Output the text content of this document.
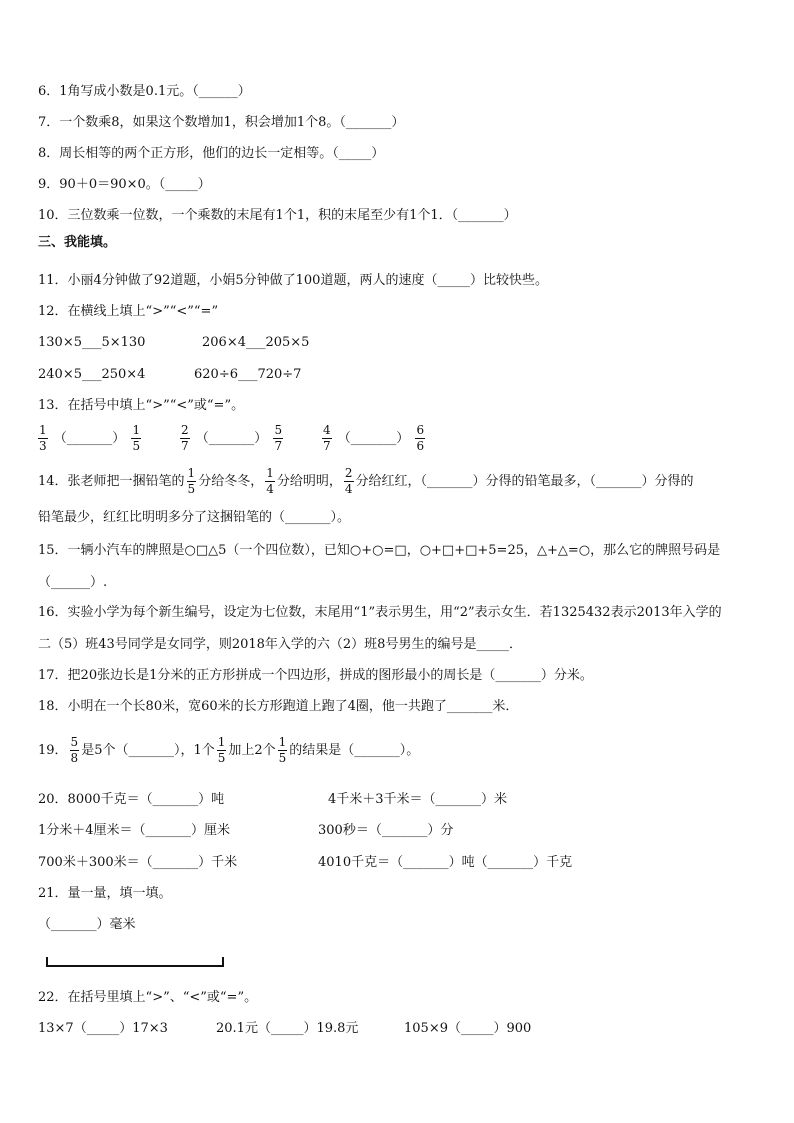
6．1角写成小数是0.1元。（______）
7．一个数乘8，如果这个数增加1，积会增加1个8。（_______）
8．周长相等的两个正方形，他们的边长一定相等。（_____）
9．90＋0＝90×0。（_____）
10．三位数乘一位数，一个乘数的末尾有1个1，积的末尾至少有1个1．（_______）
三、我能填。
11．小丽4分钟做了92道题，小娟5分钟做了100道题，两人的速度（_____）比较快些。
12．在横线上填上“>”“<”“=”
130×5___5×130	206×4___205×5
240×5___250×4	620÷6___720÷7
13．在括号中填上“>”“<”或“=”。
$\frac{1}{3}$ （_______） $\frac{1}{5}$	$\frac{2}{7}$ （_______） $\frac{5}{7}$	$\frac{4}{7}$ （_______） $\frac{6}{6}$
14．张老师把一捆铅笔的 $\frac{1}{5}$ 分给冬冬， $\frac{1}{4}$ 分给明明， $\frac{2}{4}$ 分给红红，（_______）分得的铅笔最多，（_______）分得的
铅笔最少，红红比明明多分了这捆铅笔的（_______）。
15．一辆小汽车的牌照是○□△5（一个四位数），已知○+○=□，○+□+□+5=25，△+△=○，那么它的牌照号码是
（______）.
16．实验小学为每个新生编号，设定为七位数，末尾用“1”表示男生，用“2”表示女生．若1325432表示2013年入学的
二（5）班43号同学是女同学，则2018年入学的六（2）班8号男生的编号是_____．
17．把20张边长是1分米的正方形拼成一个四边形，拼成的图形最小的周长是（_______）分米。
18．小明在一个长80米，宽60米的长方形跑道上跑了4圈，他一共跑了_______米．
19． $\frac{5}{8}$ 是5个（_______），1个 $\frac{1}{5}$ 加上2个 $\frac{1}{5}$ 的结果是（_______）。
20．8000千克＝（_______）吨	4千米＋3千米＝（_______）米
1分米＋4厘米＝（_______）厘米	300秒＝（_______）分
700米＋300米＝（_______）千米	4010千克＝（_______）吨（_______）千克
21．量一量，填一填。
（_______）毫米
22．在括号里填上“>”、“<”或“=”。
13×7（_____）17×3	20.1元（_____）19.8元	105×9（_____）900
